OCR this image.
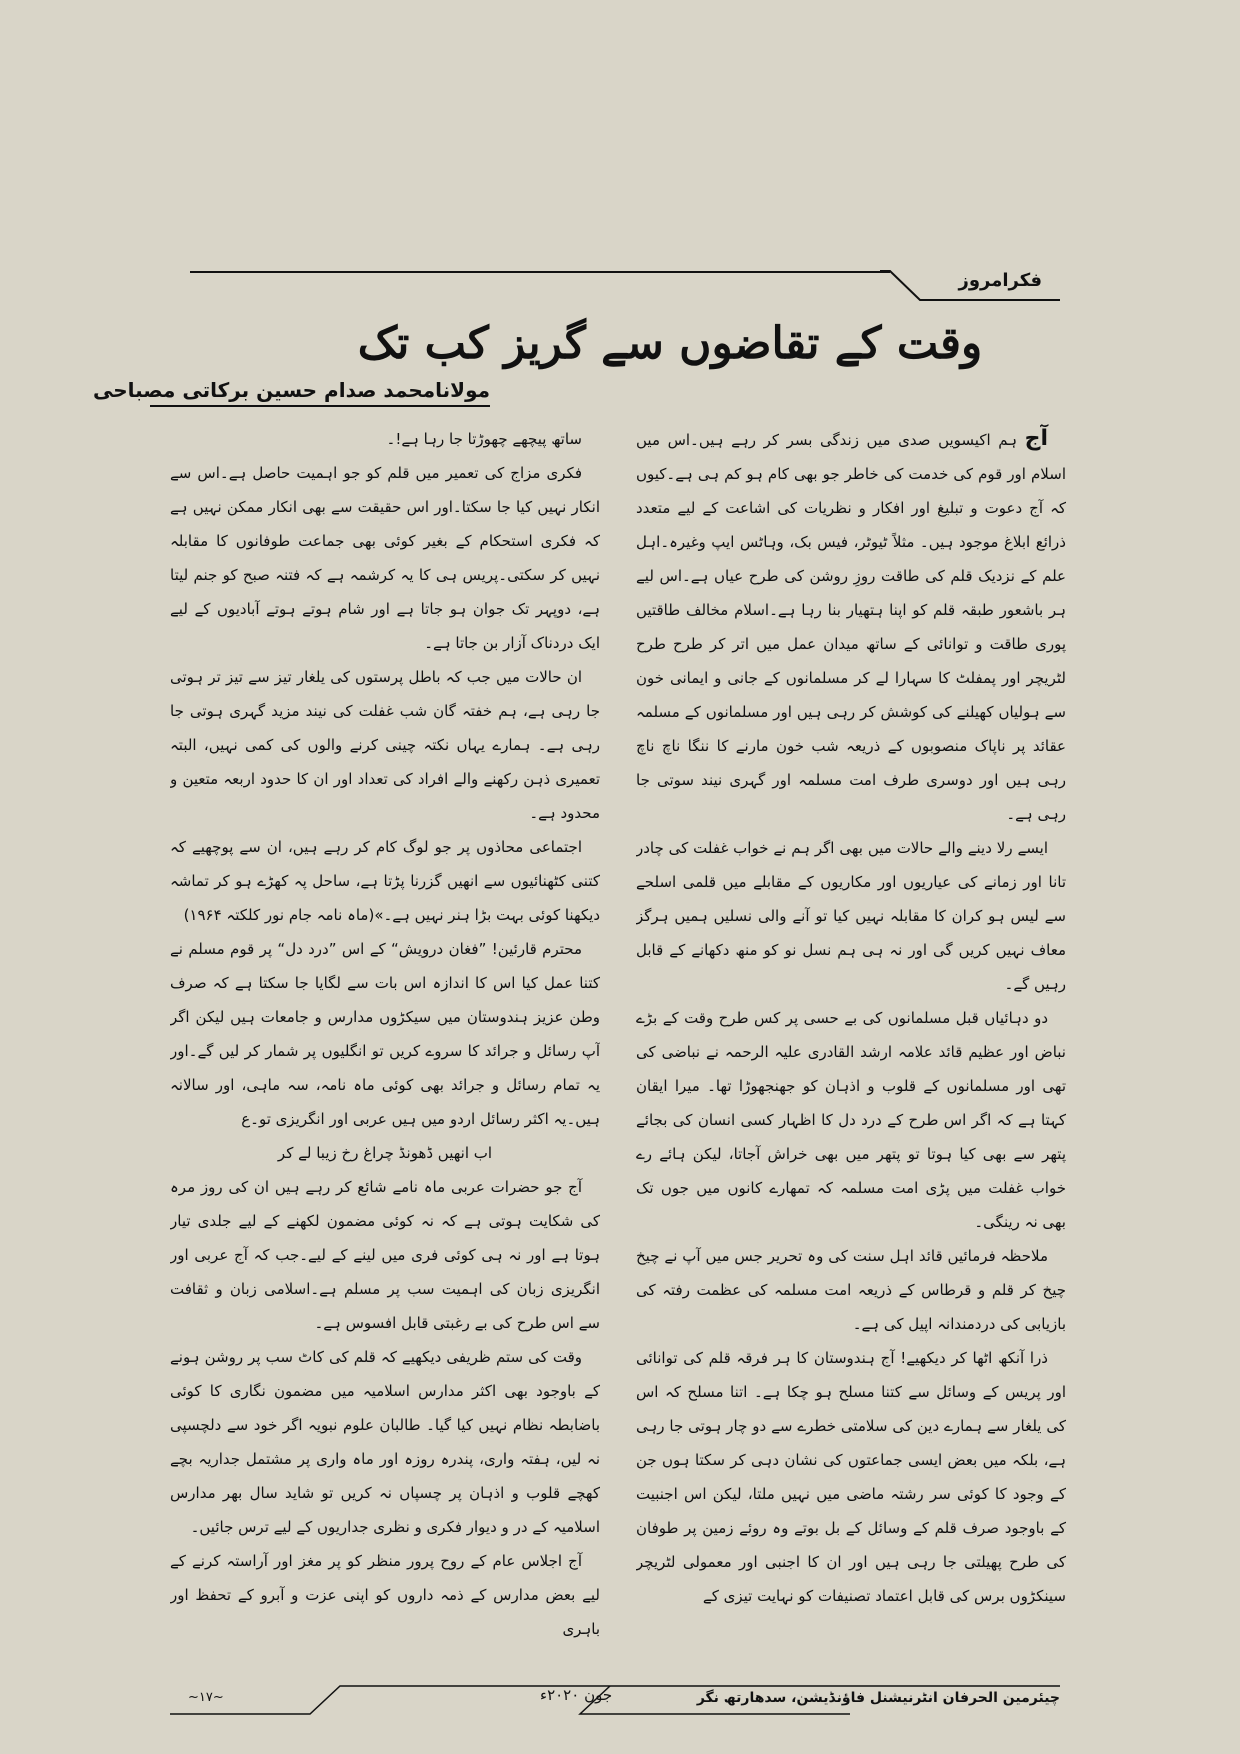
فکرامروز
وقت کے تقاضوں سے گریز کب تک
مولانامحمد صدام حسین برکاتی مصباحی

آج ہم اکیسویں صدی میں زندگی بسر کر رہے ہیں۔اس میں اسلام اور قوم کی خدمت کی خاطر جو بھی کام ہو کم ہی ہے۔کیوں کہ آج دعوت و تبلیغ اور افکار و نظریات کی اشاعت کے لیے متعدد ذرائع ابلاغ موجود ہیں۔ مثلاً ٹیوٹر، فیس بک، وہاٹس ایپ وغیرہ۔اہل علم کے نزدیک قلم کی طاقت روزِ روشن کی طرح عیاں ہے۔اس لیے ہر باشعور طبقہ قلم کو اپنا ہتھیار بنا رہا ہے۔اسلام مخالف طاقتیں پوری طاقت و توانائی کے ساتھ میدان عمل میں اتر کر طرح طرح لٹریچر اور پمفلٹ کا سہارا لے کر مسلمانوں کے جانی و ایمانی خون سے ہولیاں کھیلنے کی کوشش کر رہی ہیں اور مسلمانوں کے مسلمہ عقائد پر ناپاک منصوبوں کے ذریعہ شب خون مارنے کا ننگا ناچ ناچ رہی ہیں اور دوسری طرف امت مسلمہ اور گہری نیند سوتی جا رہی ہے۔

ایسے رلا دینے والے حالات میں بھی اگر ہم نے خواب غفلت کی چادر تانا اور زمانے کی عیاریوں اور مکاریوں کے مقابلے میں قلمی اسلحے سے لیس ہو کران کا مقابلہ نہیں کیا تو آنے والی نسلیں ہمیں ہرگز معاف نہیں کریں گی اور نہ ہی ہم نسل نو کو منھ دکھانے کے قابل رہیں گے۔

دو دہائیاں قبل مسلمانوں کی بے حسی پر کس طرح وقت کے بڑے نباض اور عظیم قائد علامہ ارشد القادری علیہ الرحمہ نے نباضی کی تھی اور مسلمانوں کے قلوب و اذہان کو جھنجھوڑا تھا۔ میرا ایقان کہتا ہے کہ اگر اس طرح کے درد دل کا اظہار کسی انسان کی بجائے پتھر سے بھی کیا ہوتا تو پتھر میں بھی خراش آجاتا، لیکن ہائے رے خواب غفلت میں پڑی امت مسلمہ کہ تمھارے کانوں میں جوں تک بھی نہ رینگی۔

ملاحظہ فرمائیں قائد اہل سنت کی وہ تحریر جس میں آپ نے چیخ چیخ کر قلم و قرطاس کے ذریعہ امت مسلمہ کی عظمت رفتہ کی بازیابی کی دردمندانہ اپیل کی ہے۔

ذرا آنکھ اٹھا کر دیکھیے! آج ہندوستان کا ہر فرقہ قلم کی توانائی اور پریس کے وسائل سے کتنا مسلح ہو چکا ہے۔ اتنا مسلح کہ اس کی یلغار سے ہمارے دین کی سلامتی خطرے سے دو چار ہوتی جا رہی ہے، بلکہ میں بعض ایسی جماعتوں کی نشان دہی کر سکتا ہوں جن کے وجود کا کوئی سر رشتہ ماضی میں نہیں ملتا، لیکن اس اجنبیت کے باوجود صرف قلم کے وسائل کے بل بوتے وہ روئے زمین پر طوفان کی طرح پھیلتی جا رہی ہیں اور ان کا اجنبی اور معمولی لٹریچر سینکڑوں برس کی قابل اعتماد تصنیفات کو نہایت تیزی کے

ساتھ پیچھے چھوڑتا جا رہا ہے!۔

فکری مزاج کی تعمیر میں قلم کو جو اہمیت حاصل ہے۔اس سے انکار نہیں کیا جا سکتا۔اور اس حقیقت سے بھی انکار ممکن نہیں ہے کہ فکری استحکام کے بغیر کوئی بھی جماعت طوفانوں کا مقابلہ نہیں کر سکتی۔پریس ہی کا یہ کرشمہ ہے کہ فتنہ صبح کو جنم لیتا ہے، دوپہر تک جوان ہو جاتا ہے اور شام ہوتے ہوتے آبادیوں کے لیے ایک دردناک آزار بن جاتا ہے۔

ان حالات میں جب کہ باطل پرستوں کی یلغار تیز سے تیز تر ہوتی جا رہی ہے، ہم خفتہ گان شب غفلت کی نیند مزید گہری ہوتی جا رہی ہے۔ ہمارے یہاں نکتہ چینی کرنے والوں کی کمی نہیں، البتہ تعمیری ذہن رکھنے والے افراد کی تعداد اور ان کا حدود اربعہ متعین و محدود ہے۔

اجتماعی محاذوں پر جو لوگ کام کر رہے ہیں، ان سے پوچھیے کہ کتنی کٹھنائیوں سے انھیں گزرنا پڑتا ہے، ساحل پہ کھڑے ہو کر تماشہ دیکھنا کوئی بہت بڑا ہنر نہیں ہے۔»(ماہ نامہ جام نور کلکتہ ۱۹۶۴)

محترم قارئین! ”فغان درویش“ کے اس ”درد دل“ پر قوم مسلم نے کتنا عمل کیا اس کا اندازہ اس بات سے لگایا جا سکتا ہے کہ صرف وطن عزیز ہندوستان میں سیکڑوں مدارس و جامعات ہیں لیکن اگر آپ رسائل و جرائد کا سروے کریں تو انگلیوں پر شمار کر لیں گے۔اور یہ تمام رسائل و جرائد بھی کوئی ماہ نامہ، سہ ماہی، اور سالانہ ہیں۔یہ اکثر رسائل اردو میں ہیں عربی اور انگریزی تو۔ع

اب انھیں ڈھونڈ چراغ رخ زیبا لے کر

آج جو حضرات عربی ماہ نامے شائع کر رہے ہیں ان کی روز مرہ کی شکایت ہوتی ہے کہ نہ کوئی مضمون لکھنے کے لیے جلدی تیار ہوتا ہے اور نہ ہی کوئی فری میں لینے کے لیے۔جب کہ آج عربی اور انگریزی زبان کی اہمیت سب پر مسلم ہے۔اسلامی زبان و ثقافت سے اس طرح کی بے رغبتی قابل افسوس ہے۔

وقت کی ستم ظریفی دیکھیے کہ قلم کی کاٹ سب پر روشن ہونے کے باوجود بھی اکثر مدارس اسلامیہ میں مضمون نگاری کا کوئی باضابطہ نظام نہیں کیا گیا۔ طالبان علوم نبویہ اگر خود سے دلچسپی نہ لیں، ہفتہ واری، پندرہ روزہ اور ماہ واری پر مشتمل جداریہ بچے کھچے قلوب و اذہان پر چسپاں نہ کریں تو شاید سال بھر مدارس اسلامیہ کے در و دیوار فکری و نظری جداریوں کے لیے ترس جائیں۔

آج اجلاس عام کے روح پرور منظر کو پر مغز اور آراستہ کرنے کے لیے بعض مدارس کے ذمہ داروں کو اپنی عزت و آبرو کے تحفظ اور باہری

چیئرمین الحرفان انٹرنیشنل فاؤنڈیشن، سدھارتھ نگر
جون ۲۰۲۰ء
~۱۷~
